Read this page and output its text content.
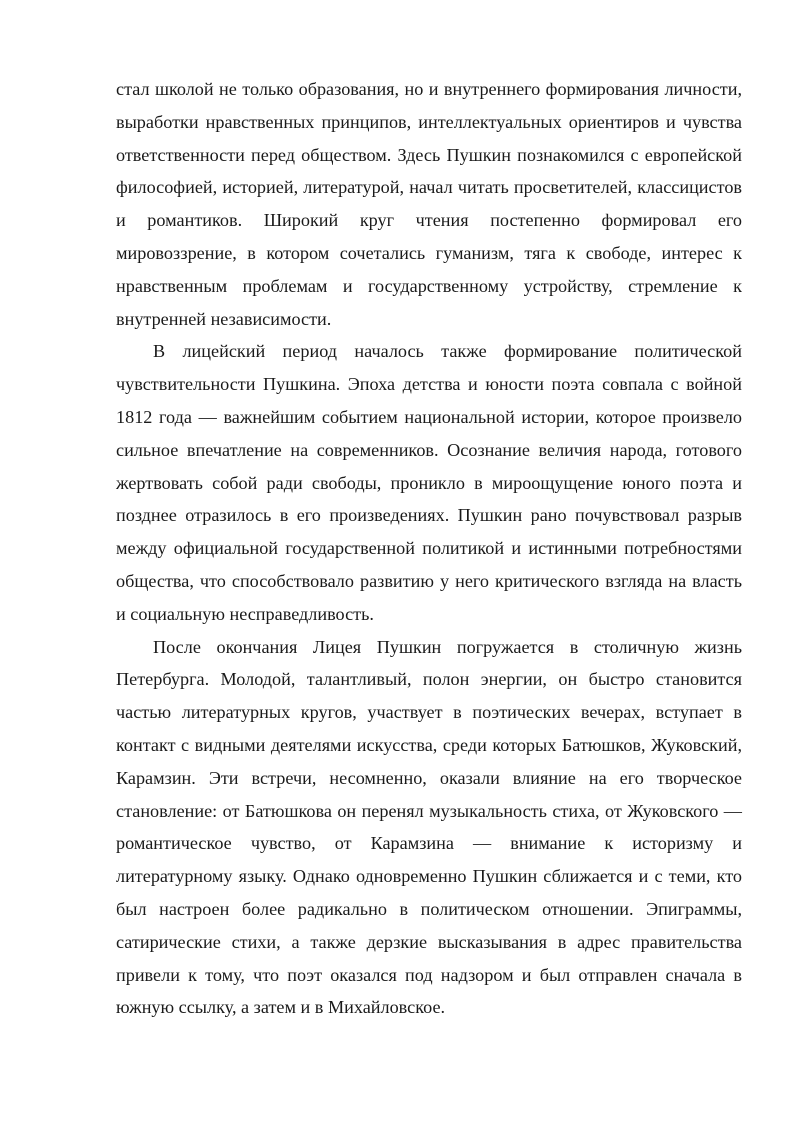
стал школой не только образования, но и внутреннего формирования личности, выработки нравственных принципов, интеллектуальных ориентиров и чувства ответственности перед обществом. Здесь Пушкин познакомился с европейской философией, историей, литературой, начал читать просветителей, классицистов и романтиков. Широкий круг чтения постепенно формировал его мировоззрение, в котором сочетались гуманизм, тяга к свободе, интерес к нравственным проблемам и государственному устройству, стремление к внутренней независимости.

В лицейский период началось также формирование политической чувствительности Пушкина. Эпоха детства и юности поэта совпала с войной 1812 года — важнейшим событием национальной истории, которое произвело сильное впечатление на современников. Осознание величия народа, готового жертвовать собой ради свободы, проникло в мироощущение юного поэта и позднее отразилось в его произведениях. Пушкин рано почувствовал разрыв между официальной государственной политикой и истинными потребностями общества, что способствовало развитию у него критического взгляда на власть и социальную несправедливость.

После окончания Лицея Пушкин погружается в столичную жизнь Петербурга. Молодой, талантливый, полон энергии, он быстро становится частью литературных кругов, участвует в поэтических вечерах, вступает в контакт с видными деятелями искусства, среди которых Батюшков, Жуковский, Карамзин. Эти встречи, несомненно, оказали влияние на его творческое становление: от Батюшкова он перенял музыкальность стиха, от Жуковского — романтическое чувство, от Карамзина — внимание к историзму и литературному языку. Однако одновременно Пушкин сближается и с теми, кто был настроен более радикально в политическом отношении. Эпиграммы, сатирические стихи, а также дерзкие высказывания в адрес правительства привели к тому, что поэт оказался под надзором и был отправлен сначала в южную ссылку, а затем и в Михайловское.
